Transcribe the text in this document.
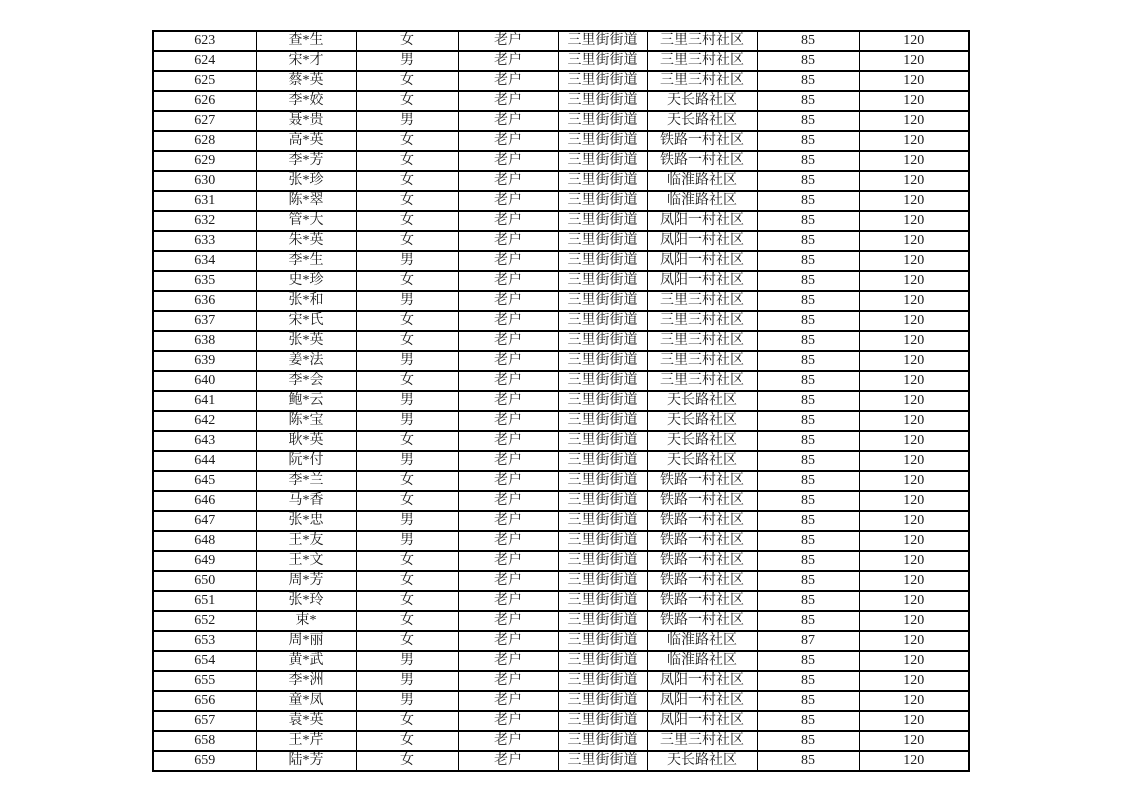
623	查*生	女	老户	三里街街道	三里三村社区	85	120
624	宋*才	男	老户	三里街街道	三里三村社区	85	120
625	蔡*英	女	老户	三里街街道	三里三村社区	85	120
626	李*姣	女	老户	三里街街道	天长路社区	85	120
627	聂*贵	男	老户	三里街街道	天长路社区	85	120
628	高*英	女	老户	三里街街道	铁路一村社区	85	120
629	李*芳	女	老户	三里街街道	铁路一村社区	85	120
630	张*珍	女	老户	三里街街道	临淮路社区	85	120
631	陈*翠	女	老户	三里街街道	临淮路社区	85	120
632	管*大	女	老户	三里街街道	凤阳一村社区	85	120
633	朱*英	女	老户	三里街街道	凤阳一村社区	85	120
634	李*生	男	老户	三里街街道	凤阳一村社区	85	120
635	史*珍	女	老户	三里街街道	凤阳一村社区	85	120
636	张*和	男	老户	三里街街道	三里三村社区	85	120
637	宋*氏	女	老户	三里街街道	三里三村社区	85	120
638	张*英	女	老户	三里街街道	三里三村社区	85	120
639	姜*法	男	老户	三里街街道	三里三村社区	85	120
640	李*会	女	老户	三里街街道	三里三村社区	85	120
641	鲍*云	男	老户	三里街街道	天长路社区	85	120
642	陈*宝	男	老户	三里街街道	天长路社区	85	120
643	耿*英	女	老户	三里街街道	天长路社区	85	120
644	阮*付	男	老户	三里街街道	天长路社区	85	120
645	李*兰	女	老户	三里街街道	铁路一村社区	85	120
646	马*香	女	老户	三里街街道	铁路一村社区	85	120
647	张*忠	男	老户	三里街街道	铁路一村社区	85	120
648	王*友	男	老户	三里街街道	铁路一村社区	85	120
649	王*文	女	老户	三里街街道	铁路一村社区	85	120
650	周*芳	女	老户	三里街街道	铁路一村社区	85	120
651	张*玲	女	老户	三里街街道	铁路一村社区	85	120
652	束*	女	老户	三里街街道	铁路一村社区	85	120
653	周*丽	女	老户	三里街街道	临淮路社区	87	120
654	黄*武	男	老户	三里街街道	临淮路社区	85	120
655	李*洲	男	老户	三里街街道	凤阳一村社区	85	120
656	童*凤	男	老户	三里街街道	凤阳一村社区	85	120
657	袁*英	女	老户	三里街街道	凤阳一村社区	85	120
658	王*芹	女	老户	三里街街道	三里三村社区	85	120
659	陆*芳	女	老户	三里街街道	天长路社区	85	120
